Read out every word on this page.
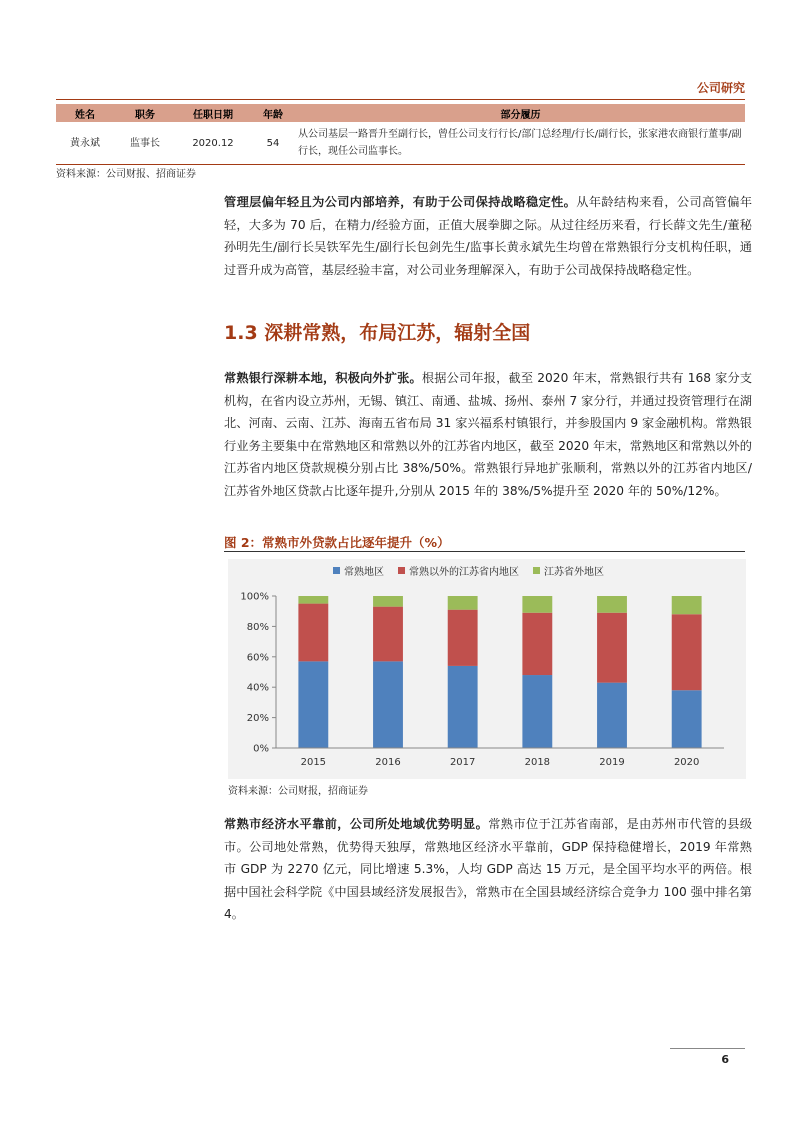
公司研究
姓名	职务	任职日期	年龄	部分履历
黄永斌	监事长	2020.12	54	从公司基层一路晋升至副行长，曾任公司支行行长/部门总经理/行长/副行长，张家港农商银行董事/副行长，现任公司监事长。
资料来源：公司财报、招商证券

管理层偏年轻且为公司内部培养，有助于公司保持战略稳定性。从年龄结构来看，公司高管偏年轻，大多为 70 后，在精力/经验方面，正值大展拳脚之际。从过往经历来看，行长薛文先生/董秘孙明先生/副行长吴铁军先生/副行长包剑先生/监事长黄永斌先生均曾在常熟银行分支机构任职，通过晋升成为高管，基层经验丰富，对公司业务理解深入，有助于公司战保持战略稳定性。

1.3 深耕常熟，布局江苏，辐射全国

常熟银行深耕本地，积极向外扩张。根据公司年报，截至 2020 年末，常熟银行共有 168 家分支机构，在省内设立苏州，无锡、镇江、南通、盐城、扬州、泰州 7 家分行，并通过投资管理行在湖北、河南、云南、江苏、海南五省布局 31 家兴福系村镇银行，并参股国内 9 家金融机构。常熟银行业务主要集中在常熟地区和常熟以外的江苏省内地区，截至 2020 年末，常熟地区和常熟以外的江苏省内地区贷款规模分别占比 38%/50%。常熟银行异地扩张顺利，常熟以外的江苏省内地区/江苏省外地区贷款占比逐年提升,分别从 2015 年的 38%/5%提升至 2020 年的 50%/12%。

图 2：常熟市外贷款占比逐年提升（%）
常熟地区	常熟以外的江苏省内地区	江苏省外地区
0%
20%
40%
60%
80%
100%
2015	2016	2017	2018	2019	2020
资料来源：公司财报，招商证券

常熟市经济水平靠前，公司所处地域优势明显。常熟市位于江苏省南部，是由苏州市代管的县级市。公司地处常熟，优势得天独厚，常熟地区经济水平靠前，GDP 保持稳健增长，2019 年常熟市 GDP 为 2270 亿元，同比增速 5.3%，人均 GDP 高达 15 万元，是全国平均水平的两倍。根据中国社会科学院《中国县域经济发展报告》，常熟市在全国县域经济综合竞争力 100 强中排名第 4。

6
